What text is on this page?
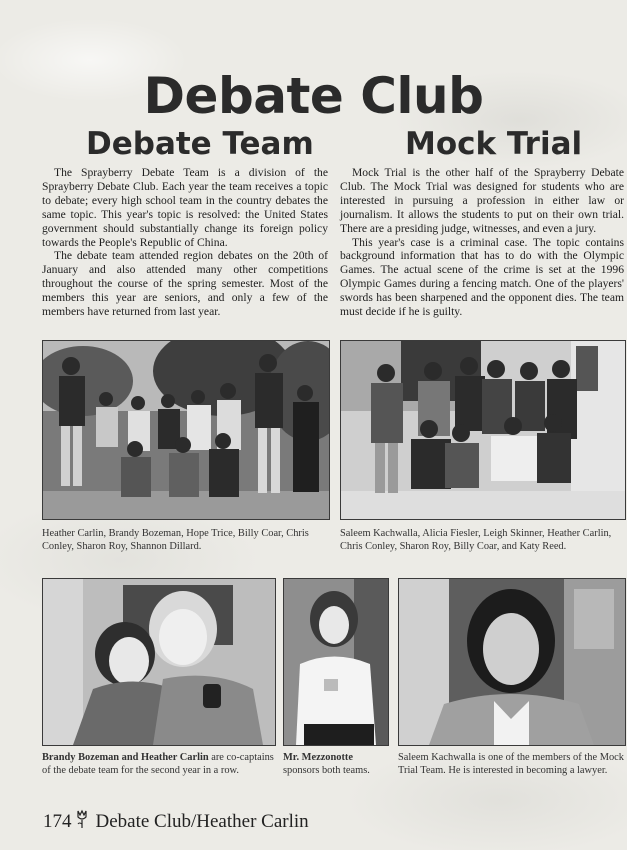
Debate Club
Debate Team	Mock Trial

The Sprayberry Debate Team is a division of the Sprayberry Debate Club. Each year the team receives a topic to debate; every high school team in the country debates the same topic. This year's topic is resolved: the United States government should substantially change its foreign policy towards the People's Republic of China.

The debate team attended region debates on the 20th of January and also attended many other competitions throughout the course of the spring semester. Most of the members this year are seniors, and only a few of the members have returned from last year.

Mock Trial is the other half of the Sprayberry Debate Club. The Mock Trial was designed for students who are interested in pursuing a profession in either law or journalism. It allows the students to put on their own trial. There are a presiding judge, witnesses, and even a jury.

This year's case is a criminal case. The topic contains background information that has to do with the Olympic Games. The actual scene of the crime is set at the 1996 Olympic Games during a fencing match. One of the players' swords has been sharpened and the opponent dies. The team must decide if he is guilty.

Heather Carlin, Brandy Bozeman, Hope Trice, Billy Coar, Chris Conley, Sharon Roy, Shannon Dillard.
Saleem Kachwalla, Alicia Fiesler, Leigh Skinner, Heather Carlin, Chris Conley, Sharon Roy, Billy Coar, and Katy Reed.
Brandy Bozeman and Heather Carlin are co-captains of the debate team for the second year in a row.
Mr. Mezzonotte sponsors both teams.
Saleem Kachwalla is one of the members of the Mock Trial Team. He is interested in becoming a lawyer.
174 Debate Club/Heather Carlin
